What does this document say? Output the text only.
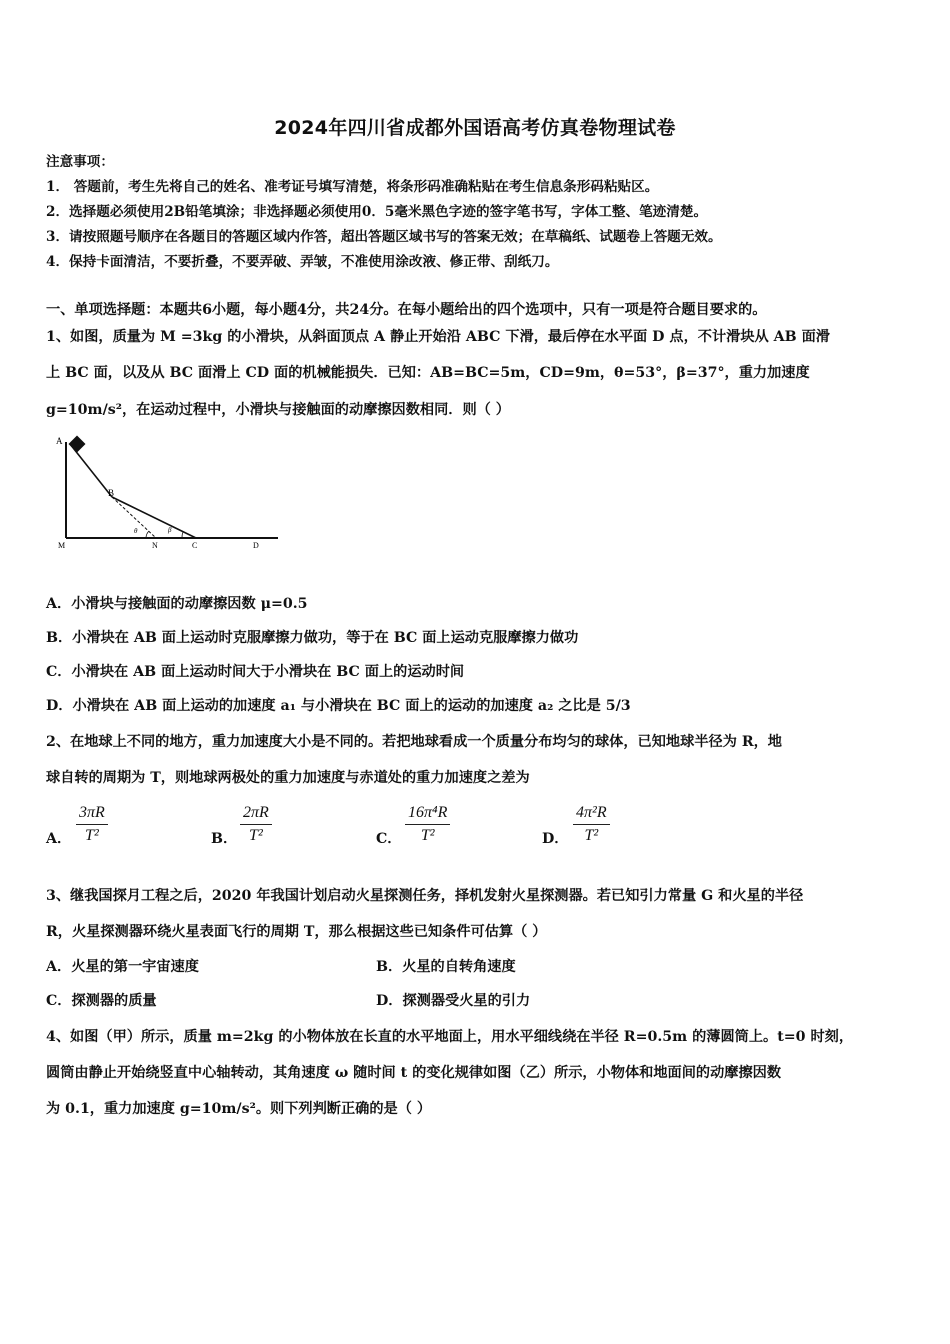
2024年四川省成都外国语高考仿真卷物理试卷
注意事项：
1． 答题前，考生先将自己的姓名、准考证号填写清楚，将条形码准确粘贴在考生信息条形码粘贴区。
2．选择题必须使用2B铅笔填涂；非选择题必须使用0．5毫米黑色字迹的签字笔书写，字体工整、笔迹清楚。
3．请按照题号顺序在各题目的答题区域内作答，超出答题区域书写的答案无效；在草稿纸、试题卷上答题无效。
4．保持卡面清洁，不要折叠，不要弄破、弄皱，不准使用涂改液、修正带、刮纸刀。
一、单项选择题：本题共6小题，每小题4分，共24分。在每小题给出的四个选项中，只有一项是符合题目要求的。
1、如图，质量为 M =3kg 的小滑块，从斜面顶点 A 静止开始沿 ABC 下滑，最后停在水平面 D 点，不计滑块从 AB 面滑
上 BC 面，以及从 BC 面滑上 CD 面的机械能损失．已知：AB=BC=5m，CD=9m，θ=53°，β=37°，重力加速度
g=10m/s²，在运动过程中，小滑块与接触面的动摩擦因数相同．则（ ）
A
B
M	N	C	D
θ	β
A．小滑块与接触面的动摩擦因数 μ=0.5
B．小滑块在 AB 面上运动时克服摩擦力做功，等于在 BC 面上运动克服摩擦力做功
C．小滑块在 AB 面上运动时间大于小滑块在 BC 面上的运动时间
D．小滑块在 AB 面上运动的加速度 a₁ 与小滑块在 BC 面上的运动的加速度 a₂ 之比是 5/3
2、在地球上不同的地方，重力加速度大小是不同的。若把地球看成一个质量分布均匀的球体，已知地球半径为 R，地
球自转的周期为 T，则地球两极处的重力加速度与赤道处的重力加速度之差为
A．
3πR
T²	B．
2πR
T²	C．
16π⁴R
T²	D．
4π²R
T²
3、继我国探月工程之后，2020 年我国计划启动火星探测任务，择机发射火星探测器。若已知引力常量 G 和火星的半径
R，火星探测器环绕火星表面飞行的周期 T，那么根据这些已知条件可估算（ ）
A．火星的第一宇宙速度	B．火星的自转角速度
C．探测器的质量	D．探测器受火星的引力
4、如图（甲）所示，质量 m=2kg 的小物体放在长直的水平地面上，用水平细线绕在半径 R=0.5m 的薄圆筒上。t=0 时刻，
圆筒由静止开始绕竖直中心轴转动，其角速度 ω 随时间 t 的变化规律如图（乙）所示，小物体和地面间的动摩擦因数
为 0.1，重力加速度 g=10m/s²。则下列判断正确的是（ ）
